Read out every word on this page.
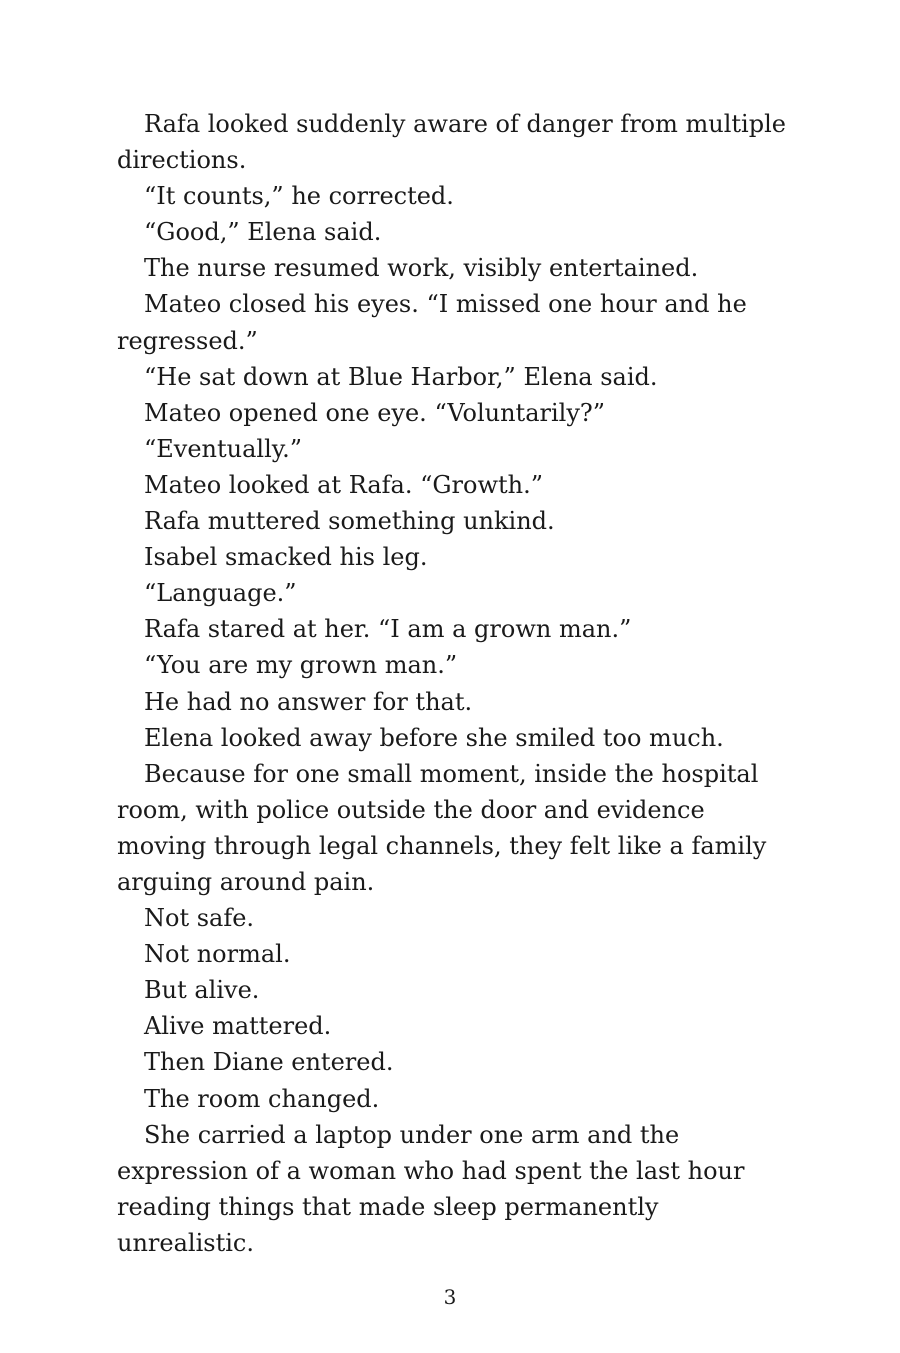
Rafa looked suddenly aware of danger from multiple directions.

“It counts,” he corrected.

“Good,” Elena said.

The nurse resumed work, visibly entertained.

Mateo closed his eyes. “I missed one hour and he regressed.”

“He sat down at Blue Harbor,” Elena said.

Mateo opened one eye. “Voluntarily?”

“Eventually.”

Mateo looked at Rafa. “Growth.”

Rafa muttered something unkind.

Isabel smacked his leg.

“Language.”

Rafa stared at her. “I am a grown man.”

“You are my grown man.”

He had no answer for that.

Elena looked away before she smiled too much.

Because for one small moment, inside the hospital room, with police outside the door and evidence moving through legal channels, they felt like a family arguing around pain.

Not safe.

Not normal.

But alive.

Alive mattered.

Then Diane entered.

The room changed.

She carried a laptop under one arm and the expression of a woman who had spent the last hour reading things that made sleep permanently unrealistic.

3
